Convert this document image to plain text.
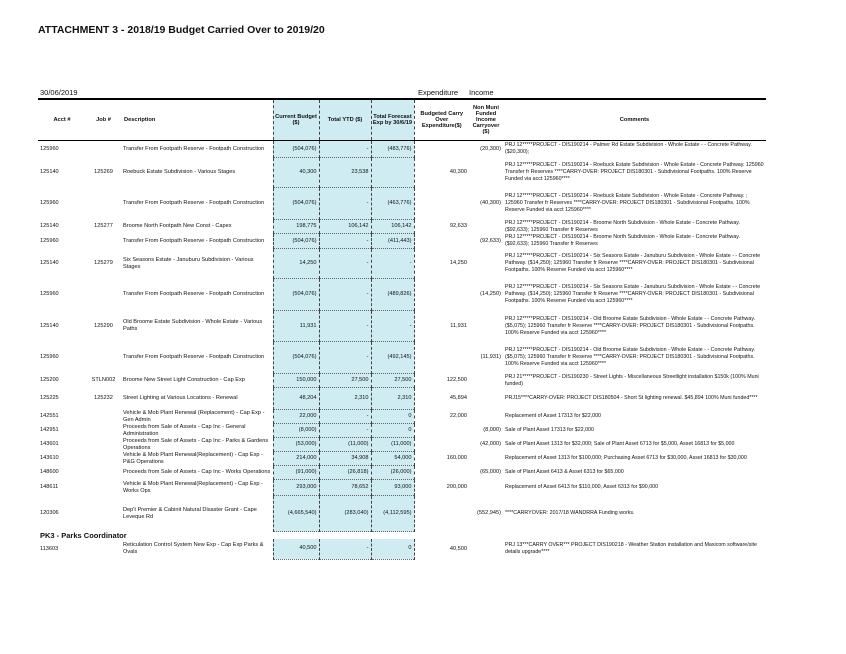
ATTACHMENT 3 - 2018/19 Budget Carried Over to 2019/20
30/06/2019	Expenditure Income
Acct #	Job #	Description	Current Budget ($)	Total YTD ($)	Total Forecast Exp by 30/6/19	Budgeted Carry Over Expenditure($)	Non Muni Funded Income Carryover ($)	Comments
125960		Transfer From Footpath Reserve - Footpath Construction	(504,076)	-	(483,776)		(20,300)	PRJ 12*****PROJECT - DIS190214 - Palmer Rd Estate Subdivision - Whole Estate - - Concrete Pathway. ($20,300);
125140	125269	Roebuck Estate Subdivision - Various Stages	40,300	23,538		40,300		PRJ 12*****PROJECT - DIS190214 - Roebuck Estate Subdivision - Whole Estate - Concrete Pathway. 125960 Transfer fr Reserves ****CARRY-OVER: PROJECT DIS180301 - Subdivisional Footpaths. 100% Reserve Funded via acct 125960****
125960		Transfer From Footpath Reserve - Footpath Construction	(504,076)	-	(463,776)		(40,300)	PRJ 12*****PROJECT - DIS190214 - Roebuck Estate Subdivision - Whole Estate - Concrete Pathway. ; 125960 Transfer fr Reserves ****CARRY-OVER: PROJECT DIS180301 - Subdivisional Footpaths. 100% Reserve Funded via acct 125960****
125140	125277	Broome North Footpath New Const - Capex	198,775	106,142	106,142	92,633		PRJ 12*****PROJECT - DIS190214 - Broome North Subdivision - Whole Estate - Concrete Pathway. ($92,633); 125960 Transfer fr Reserves
125960		Transfer From Footpath Reserve - Footpath Construction	(504,076)	-	(411,443)		(92,633)	PRJ 12*****PROJECT - DIS190214 - Broome North Subdivision - Whole Estate - Concrete Pathway. ($92,633); 125960 Transfer fr Reserves
125140	125279	Six Seasons Estate - Januburu Subdivision - Various Stages	14,250	-	-	14,250		PRJ 12*****PROJECT - DIS190214 - Six Seasons Estate - Januburu Subdivision - Whole Estate - - Concrete Pathway. ($14,250); 125960 Transfer fr Reserve ****CARRY-OVER: PROJECT DIS180301 - Subdivisional Footpaths. 100% Reserve Funded via acct 125960****
125960		Transfer From Footpath Reserve - Footpath Construction	(504,076)	-	(489,826)		(14,250)	PRJ 12*****PROJECT - DIS190214 - Six Seasons Estate - Januburu Subdivision - Whole Estate - - Concrete Pathway. ($14,250); 125960 Transfer fr Reserve ****CARRY-OVER: PROJECT DIS180301 - Subdivisional Footpaths. 100% Reserve Funded via acct 125960****
125140	125290	Old Broome Estate Subdivision - Whole Estate - Various Paths	11,931	-	-	11,931		PRJ 12*****PROJECT - DIS190214 - Old Broome Estate Subdivision - Whole Estate - - Concrete Pathway. ($5,075); 125960 Transfer fr Reserve ****CARRY-OVER: PROJECT DIS180301 - Subdivisional Footpaths. 100% Reserve Funded via acct 125960****
125960		Transfer From Footpath Reserve - Footpath Construction	(504,076)	-	(492,145)		(11,931)	PRJ 12*****PROJECT - DIS190214 - Old Broome Estate Subdivision - Whole Estate - - Concrete Pathway. ($5,075); 125960 Transfer fr Reserve ****CARRY-OVER: PROJECT DIS180301 - Subdivisional Footpaths. 100% Reserve Funded via acct 125960****
125200	STLN002	Broome New Street Light Construction - Cap Exp	150,000	27,500	27,500	122,500		PRJ 21*****PROJECT - DIS190230 - Street Lights - Miscellaneous Streetlight installation $150k (100% Muni funded)
125225	125232	Street Lighting at Various Locations - Renewal	48,204	2,310	2,310	45,894		PRJ15****CARRY-OVER: PROJECT DIS180504 - Short St lighting renewal. $45,894 100% Muni funded****
142551		Vehicle & Mob Plant Renewal (Replacement) - Cap Exp - Gen Admin	22,000	-	0	22,000		Replacement of Asset 17313 for $22,000
142951		Proceeds from Sale of Assets - Cap Inc - General Administration	(8,000)	-	0		(8,000)	Sale of Plant Asset 17313 for $22,000
143601		Proceeds from Sale of Assets - Cap Inc - Parks & Gardens Operations	(53,000)	(11,000)	(11,000)		(42,000)	Sale of Plant Asset 1313 for $32,000; Sale of Plant Asset 6713 for $5,000, Asset 16813 for $5,000
143610		Vehicle & Mob Plant Renewal(Replacement) - Cap Exp - P&G Operations	214,000	34,908	54,000	160,000		Replacement of Asset 1313 for $100,000; Purchasing Asset 6713 for $30,000, Asset 16813 for $30,000
148600		Proceeds from Sale of Assets - Cap Inc - Works Operations	(91,000)	(26,818)	(26,000)		(65,000)	Sale of Plant Asset 6413 & Asset 6313 for $65,000
148611		Vehicle & Mob Plant Renewal(Replacement) - Cap Exp - Works Ops	293,000	78,652	93,000	200,000		Replacement of Asset 6413 for $110,000, Asset 6313 for $90,000
120306		Dep't Premier & Cabinit Natural Disaster Grant - Cape Leveque Rd	(4,665,540)	(283,040)	(4,112,595)		(552,945)	****CARRYOVER: 2017/18 WANDRRA Funding works.
PK3 - Parks Coordinator								
113603		Reticulation Control System New Exp - Cap Exp Parks & Ovals	40,500	-	0	40,500		PRJ 13***CARRY OVER*** PROJECT DIS190218 - Weather Station installation and Maxicom software/site details upgrade****
